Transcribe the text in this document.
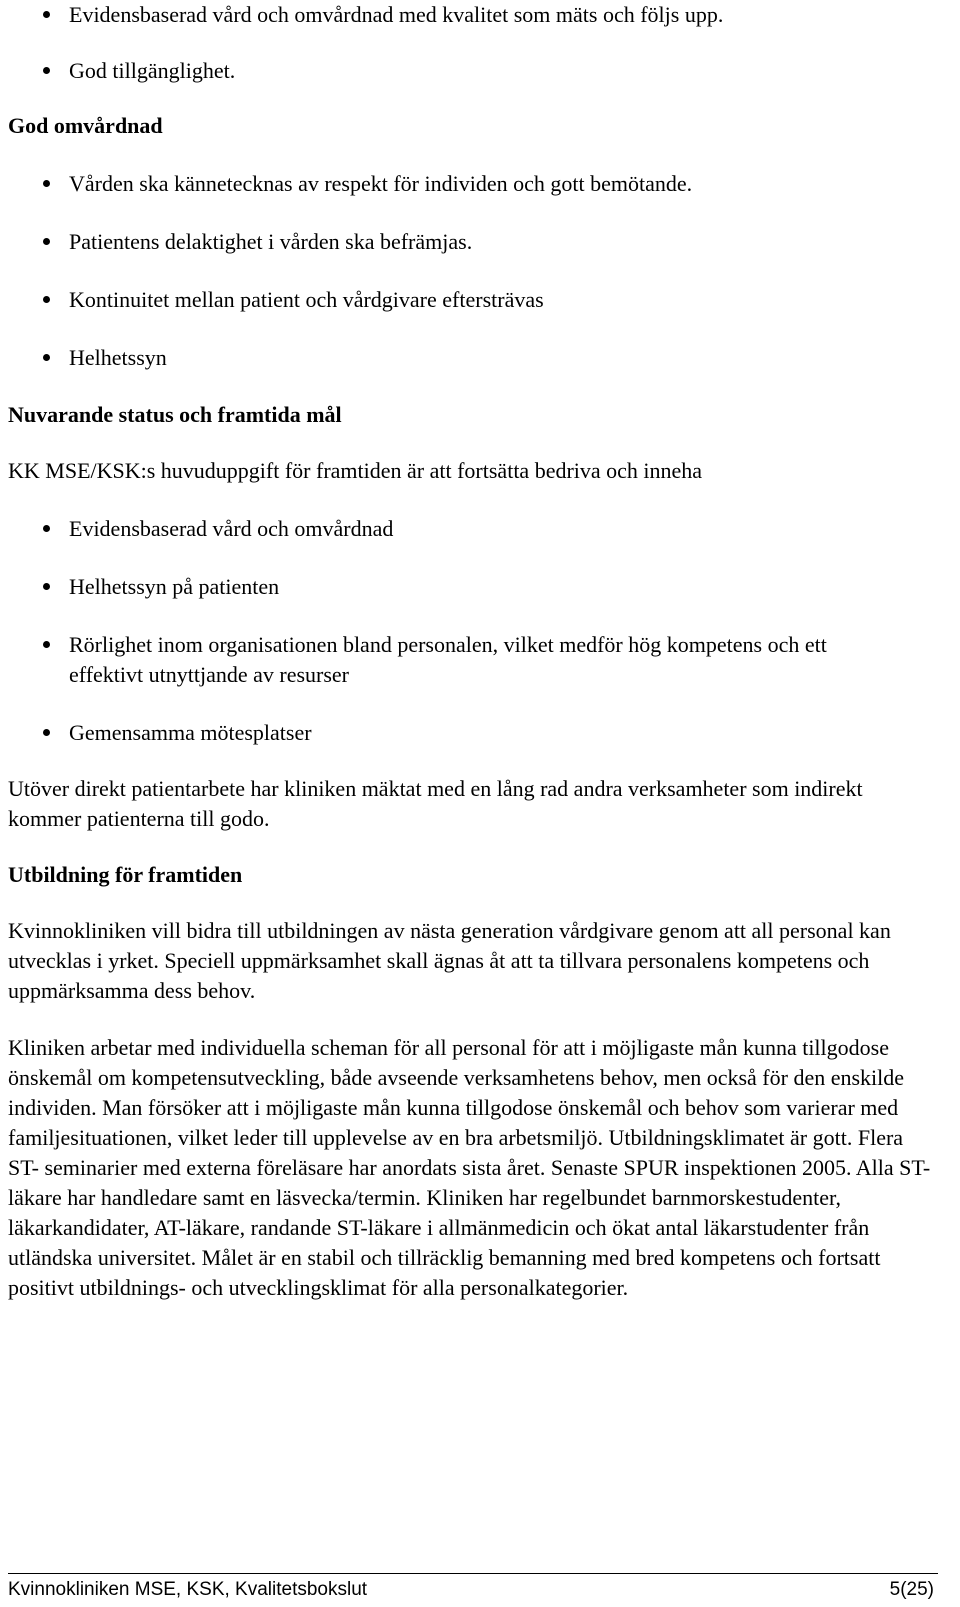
Evidensbaserad vård och omvårdnad med kvalitet som mäts och följs upp.
God tillgänglighet.
God omvårdnad
Vården ska kännetecknas av respekt för individen och gott bemötande.
Patientens delaktighet i vården ska befrämjas.
Kontinuitet mellan patient och vårdgivare eftersträvas
Helhetssyn
Nuvarande status och framtida mål
KK MSE/KSK:s huvuduppgift för framtiden är att fortsätta bedriva och inneha
Evidensbaserad vård och omvårdnad
Helhetssyn på patienten
Rörlighet inom organisationen bland personalen, vilket medför hög kompetens och ett effektivt utnyttjande av resurser
Gemensamma mötesplatser
Utöver direkt patientarbete har kliniken mäktat med en lång rad andra verksamheter som indirekt kommer patienterna till godo.
Utbildning för framtiden
Kvinnokliniken vill bidra till utbildningen av nästa generation vårdgivare genom att all personal kan utvecklas i yrket. Speciell uppmärksamhet skall ägnas åt att ta tillvara personalens kompetens och uppmärksamma dess behov.
Kliniken arbetar med individuella scheman för all personal för att i möjligaste mån kunna tillgodose önskemål om kompetensutveckling, både avseende verksamhetens behov, men också för den enskilde individen. Man försöker att i möjligaste mån kunna tillgodose önskemål och behov som varierar med familjesituationen, vilket leder till upplevelse av en bra arbetsmiljö. Utbildningsklimatet är gott. Flera ST- seminarier med externa föreläsare har anordats sista året. Senaste SPUR inspektionen 2005. Alla ST-läkare har handledare samt en läsvecka/termin. Kliniken har regelbundet barnmorskestudenter, läkarkandidater, AT-läkare, randande ST-läkare i allmänmedicin och ökat antal läkarstudenter från utländska universitet. Målet är en stabil och tillräcklig bemanning med bred kompetens och fortsatt positivt utbildnings- och utvecklingsklimat för alla personalkategorier.
Kvinnokliniken MSE, KSK, Kvalitetsbokslut	5(25)
